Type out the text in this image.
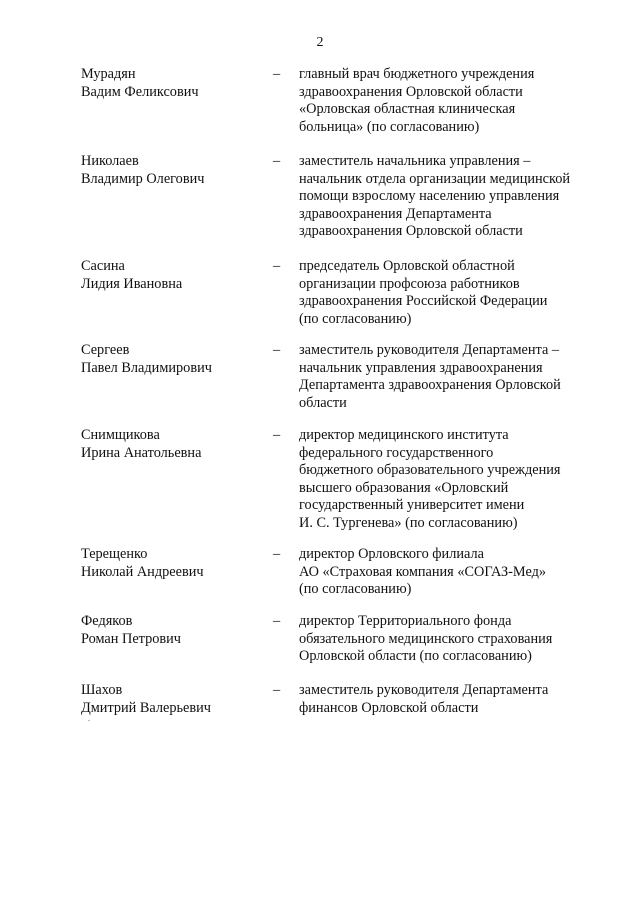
2
Мурадян
Вадим Феликсович
– главный врач бюджетного учреждения
здравоохранения Орловской области
«Орловская областная клиническая
больница» (по согласованию)
Николаев
Владимир Олегович
– заместитель начальника управления –
начальник отдела организации медицинской
помощи взрослому населению управления
здравоохранения Департамента
здравоохранения Орловской области
Сасина
Лидия Ивановна
– председатель Орловской областной
организации профсоюза работников
здравоохранения Российской Федерации
(по согласованию)
Сергеев
Павел Владимирович
– заместитель руководителя Департамента –
начальник управления здравоохранения
Департамента здравоохранения Орловской
области
Снимщикова
Ирина Анатольевна
– директор медицинского института
федерального государственного
бюджетного образовательного учреждения
высшего образования «Орловский
государственный университет имени
И. С. Тургенева» (по согласованию)
Терещенко
Николай Андреевич
– директор Орловского филиала
АО «Страховая компания «СОГАЗ-Мед»
(по согласованию)
Федяков
Роман Петрович
– директор Территориального фонда
обязательного медицинского страхования
Орловской области (по согласованию)
Шахов
Дмитрий Валерьевич
– заместитель руководителя Департамента
финансов Орловской области
